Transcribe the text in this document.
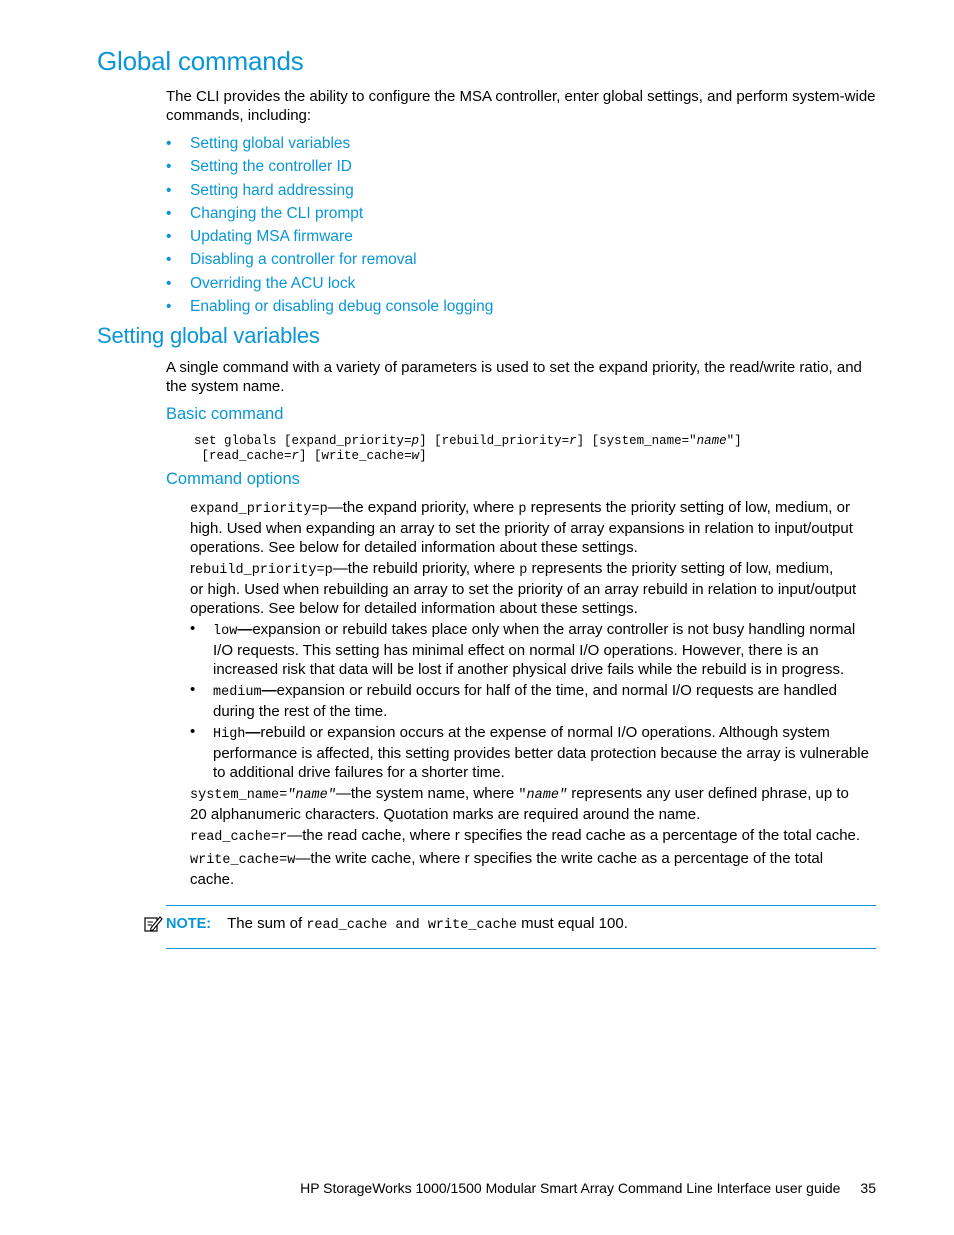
Global commands
The CLI provides the ability to configure the MSA controller, enter global settings, and perform system-wide commands, including:
• Setting global variables
• Setting the controller ID
• Setting hard addressing
• Changing the CLI prompt
• Updating MSA firmware
• Disabling a controller for removal
• Overriding the ACU lock
• Enabling or disabling debug console logging
Setting global variables
A single command with a variety of parameters is used to set the expand priority, the read/write ratio, and the system name.
Basic command
set globals [expand_priority=p] [rebuild_priority=r] [system_name="name"]
[read_cache=r] [write_cache=w]
Command options
expand_priority=p—the expand priority, where p represents the priority setting of low, medium, or
high. Used when expanding an array to set the priority of array expansions in relation to input/output
operations. See below for detailed information about these settings.
rebuild_priority=p—the rebuild priority, where p represents the priority setting of low, medium,
or high. Used when rebuilding an array to set the priority of an array rebuild in relation to input/output
operations. See below for detailed information about these settings.
• low—expansion or rebuild takes place only when the array controller is not busy handling normal
I/O requests. This setting has minimal effect on normal I/O operations. However, there is an
increased risk that data will be lost if another physical drive fails while the rebuild is in progress.
• medium—expansion or rebuild occurs for half of the time, and normal I/O requests are handled
during the rest of the time.
• High—rebuild or expansion occurs at the expense of normal I/O operations. Although system
performance is affected, this setting provides better data protection because the array is vulnerable
to additional drive failures for a shorter time.
system_name="name"—the system name, where "name" represents any user defined phrase, up to
20 alphanumeric characters. Quotation marks are required around the name.
read_cache=r—the read cache, where r specifies the read cache as a percentage of the total cache.
write_cache=w—the write cache, where r specifies the write cache as a percentage of the total
cache.
NOTE: The sum of read_cache and write_cache must equal 100.
HP StorageWorks 1000/1500 Modular Smart Array Command Line Interface user guide 35
